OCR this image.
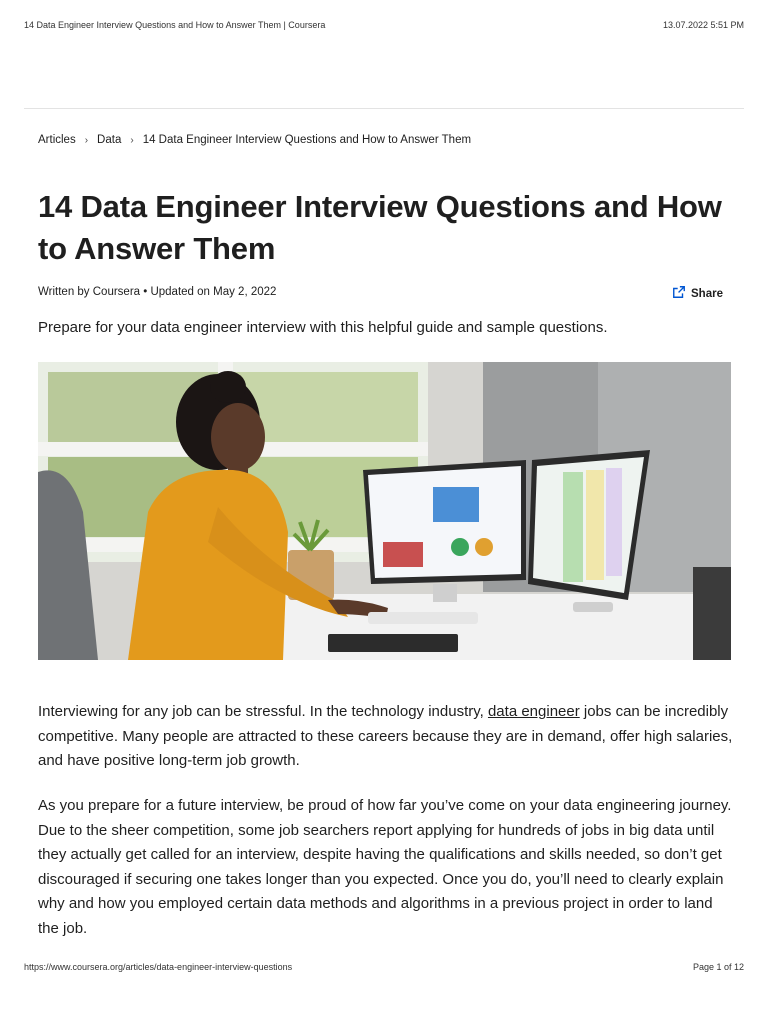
14 Data Engineer Interview Questions and How to Answer Them | Coursera	13.07.2022 5:51 PM
Articles › Data › 14 Data Engineer Interview Questions and How to Answer Them
14 Data Engineer Interview Questions and How to Answer Them
Written by Coursera • Updated on May 2, 2022	Share

Prepare for your data engineer interview with this helpful guide and sample questions.

Interviewing for any job can be stressful. In the technology industry, data engineer jobs can be incredibly competitive. Many people are attracted to these careers because they are in demand, offer high salaries, and have positive long-term job growth.

As you prepare for a future interview, be proud of how far you’ve come on your data engineering journey. Due to the sheer competition, some job searchers report applying for hundreds of jobs in big data until they actually get called for an interview, despite having the qualifications and skills needed, so don’t get discouraged if securing one takes longer than you expected. Once you do, you’ll need to clearly explain why and how you employed certain data methods and algorithms in a previous project in order to land the job.

https://www.coursera.org/articles/data-engineer-interview-questions	Page 1 of 12
